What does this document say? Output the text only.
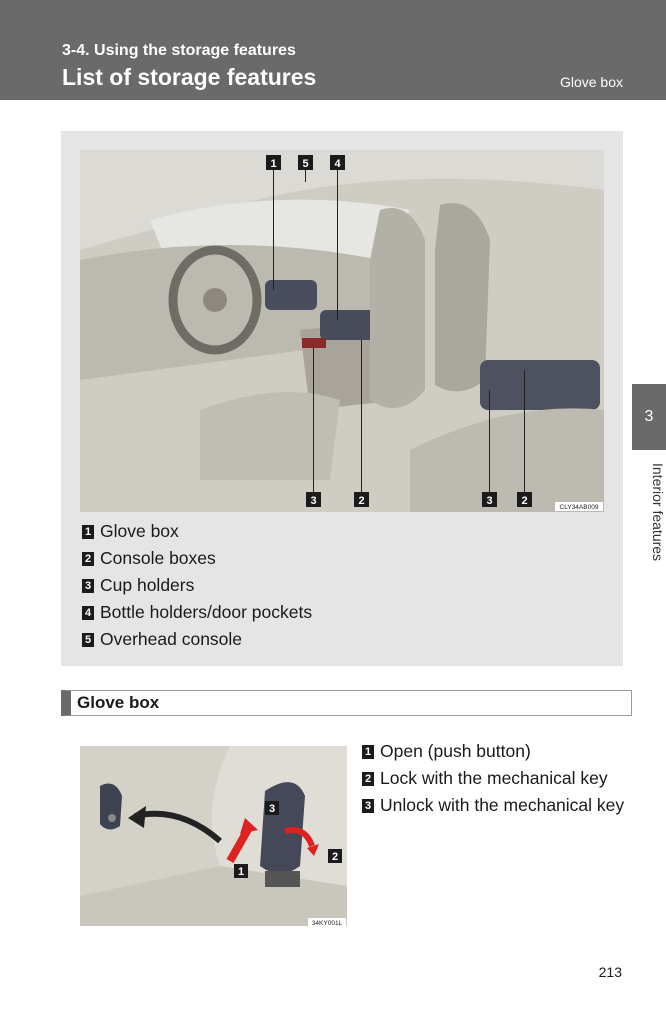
3-4. Using the storage features
List of storage features	Glove box
3
Interior features
1 5 4
3	2	3	2
CLY34AB009
1 Glove box
2 Console boxes
3 Cup holders
4 Bottle holders/door pockets
5 Overhead console
Glove box
3
2
1
34KY001L
1 Open (push button)
2 Lock with the mechanical key
3 Unlock with the mechanical key
213
